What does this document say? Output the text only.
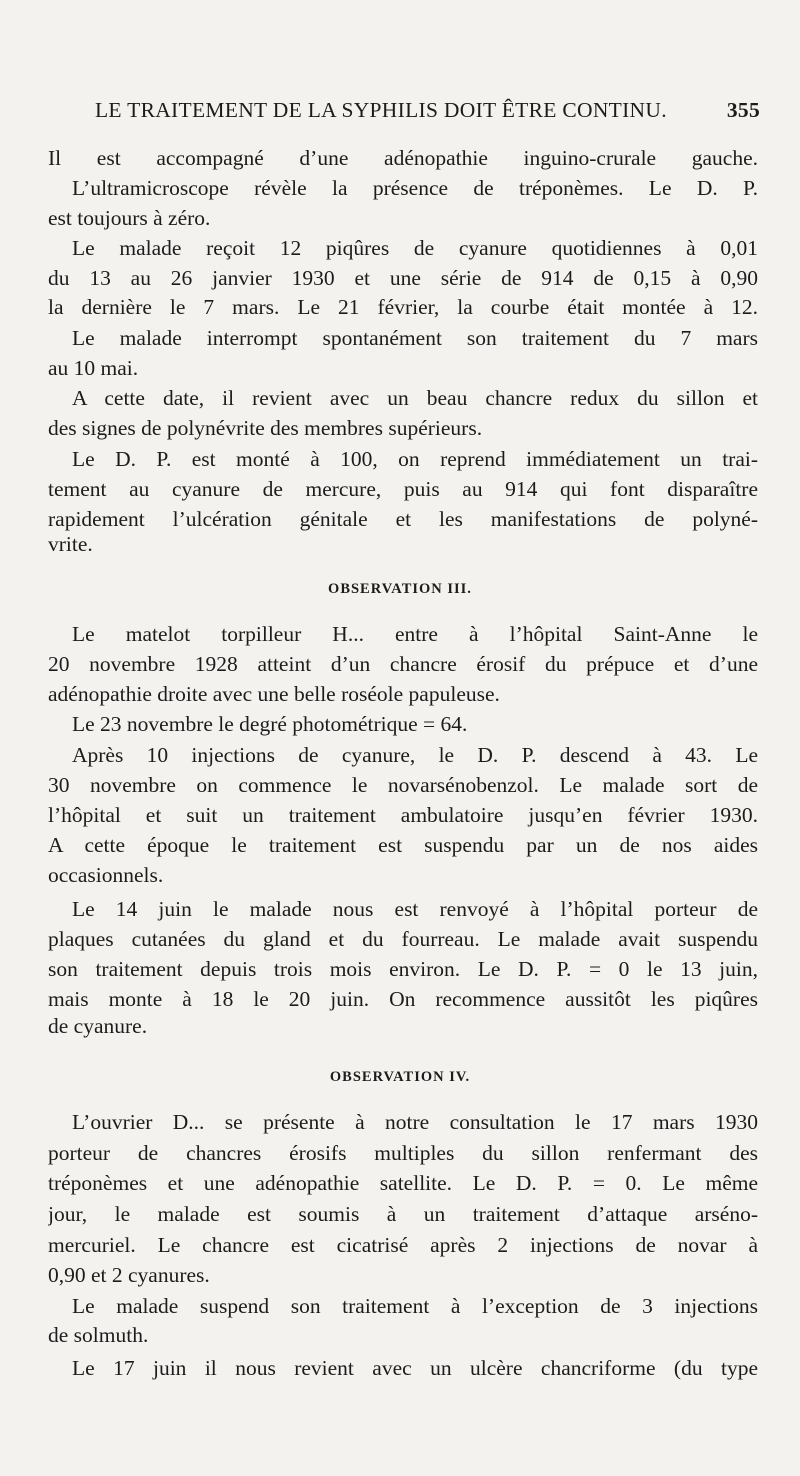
LE TRAITEMENT DE LA SYPHILIS DOIT ÊTRE CONTINU.	355
Il est accompagné d’une adénopathie inguino-crurale gauche.
L’ultramicroscope révèle la présence de tréponèmes. Le D. P.
est toujours à zéro.
Le malade reçoit 12 piqûres de cyanure quotidiennes à 0,01
du 13 au 26 janvier 1930 et une série de 914 de 0,15 à 0,90
la dernière le 7 mars. Le 21 février, la courbe était montée à 12.
Le malade interrompt spontanément son traitement du 7 mars
au 10 mai.
A cette date, il revient avec un beau chancre redux du sillon et
des signes de polynévrite des membres supérieurs.
Le D. P. est monté à 100, on reprend immédiatement un trai-
tement au cyanure de mercure, puis au 914 qui font disparaître
rapidement l’ulcération génitale et les manifestations de polyné-
vrite.
OBSERVATION III.
Le matelot torpilleur H... entre à l’hôpital Saint-Anne le
20 novembre 1928 atteint d’un chancre érosif du prépuce et d’une
adénopathie droite avec une belle roséole papuleuse.
Le 23 novembre le degré photométrique = 64.
Après 10 injections de cyanure, le D. P. descend à 43. Le
30 novembre on commence le novarsénobenzol. Le malade sort de
l’hôpital et suit un traitement ambulatoire jusqu’en février 1930.
A cette époque le traitement est suspendu par un de nos aides
occasionnels.
Le 14 juin le malade nous est renvoyé à l’hôpital porteur de
plaques cutanées du gland et du fourreau. Le malade avait suspendu
son traitement depuis trois mois environ. Le D. P. = 0 le 13 juin,
mais monte à 18 le 20 juin. On recommence aussitôt les piqûres
de cyanure.
OBSERVATION IV.
L’ouvrier D... se présente à notre consultation le 17 mars 1930
porteur de chancres érosifs multiples du sillon renfermant des
tréponèmes et une adénopathie satellite. Le D. P. = 0. Le même
jour, le malade est soumis à un traitement d’attaque arséno-
mercuriel. Le chancre est cicatrisé après 2 injections de novar à
0,90 et 2 cyanures.
Le malade suspend son traitement à l’exception de 3 injections
de solmuth.
Le 17 juin il nous revient avec un ulcère chancriforme (du type
